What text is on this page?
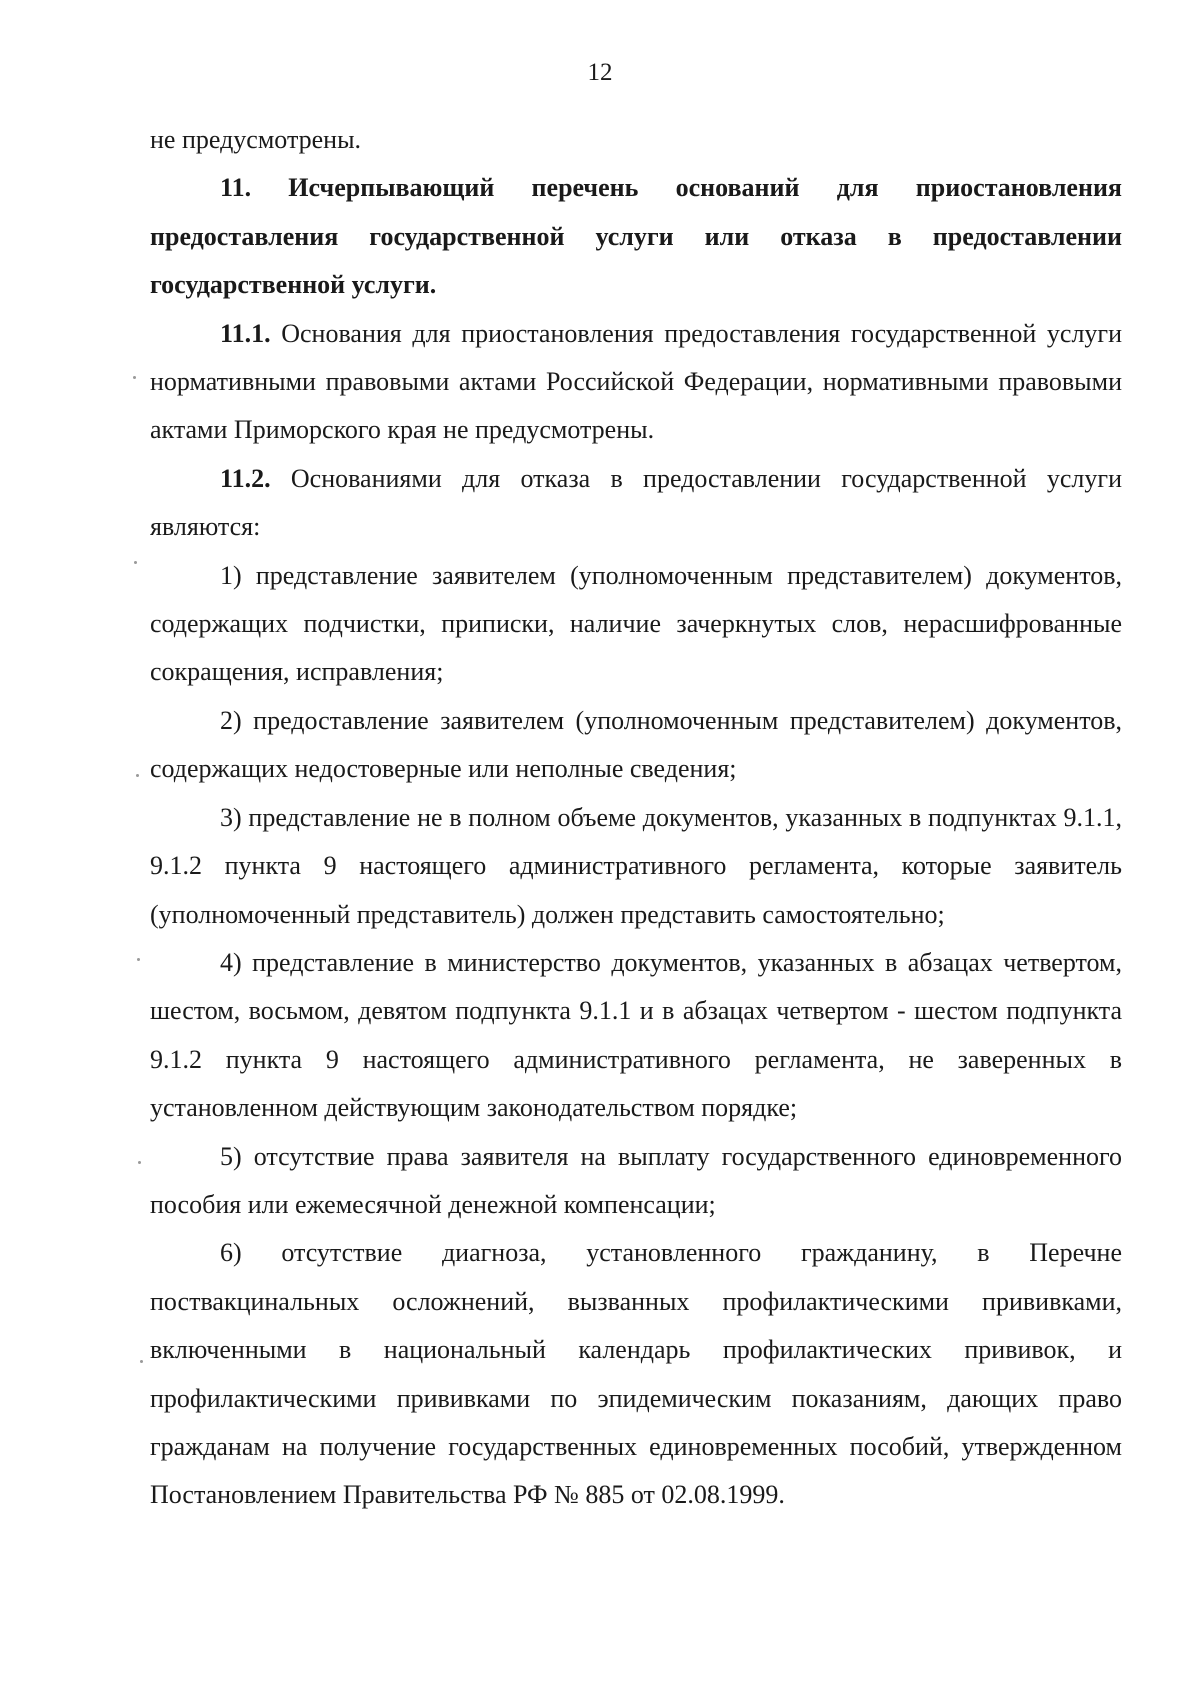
12

не предусмотрены.

11. Исчерпывающий перечень оснований для приостановления предоставления государственной услуги или отказа в предоставлении государственной услуги.

11.1. Основания для приостановления предоставления государственной услуги нормативными правовыми актами Российской Федерации, нормативными правовыми актами Приморского края не предусмотрены.

11.2. Основаниями для отказа в предоставлении государственной услуги являются:

1) представление заявителем (уполномоченным представителем) документов, содержащих подчистки, приписки, наличие зачеркнутых слов, нерасшифрованные сокращения, исправления;

2) предоставление заявителем (уполномоченным представителем) документов, содержащих недостоверные или неполные сведения;

3) представление не в полном объеме документов, указанных в подпунктах 9.1.1, 9.1.2 пункта 9 настоящего административного регламента, которые заявитель (уполномоченный представитель) должен представить самостоятельно;

4) представление в министерство документов, указанных в абзацах четвертом, шестом, восьмом, девятом подпункта 9.1.1 и в абзацах четвертом - шестом подпункта 9.1.2 пункта 9 настоящего административного регламента, не заверенных в установленном действующим законодательством порядке;

5) отсутствие права заявителя на выплату государственного единовременного пособия или ежемесячной денежной компенсации;

6) отсутствие диагноза, установленного гражданину, в Перечне поствакцинальных осложнений, вызванных профилактическими прививками, включенными в национальный календарь профилактических прививок, и профилактическими прививками по эпидемическим показаниям, дающих право гражданам на получение государственных единовременных пособий, утвержденном Постановлением Правительства РФ № 885 от 02.08.1999.
